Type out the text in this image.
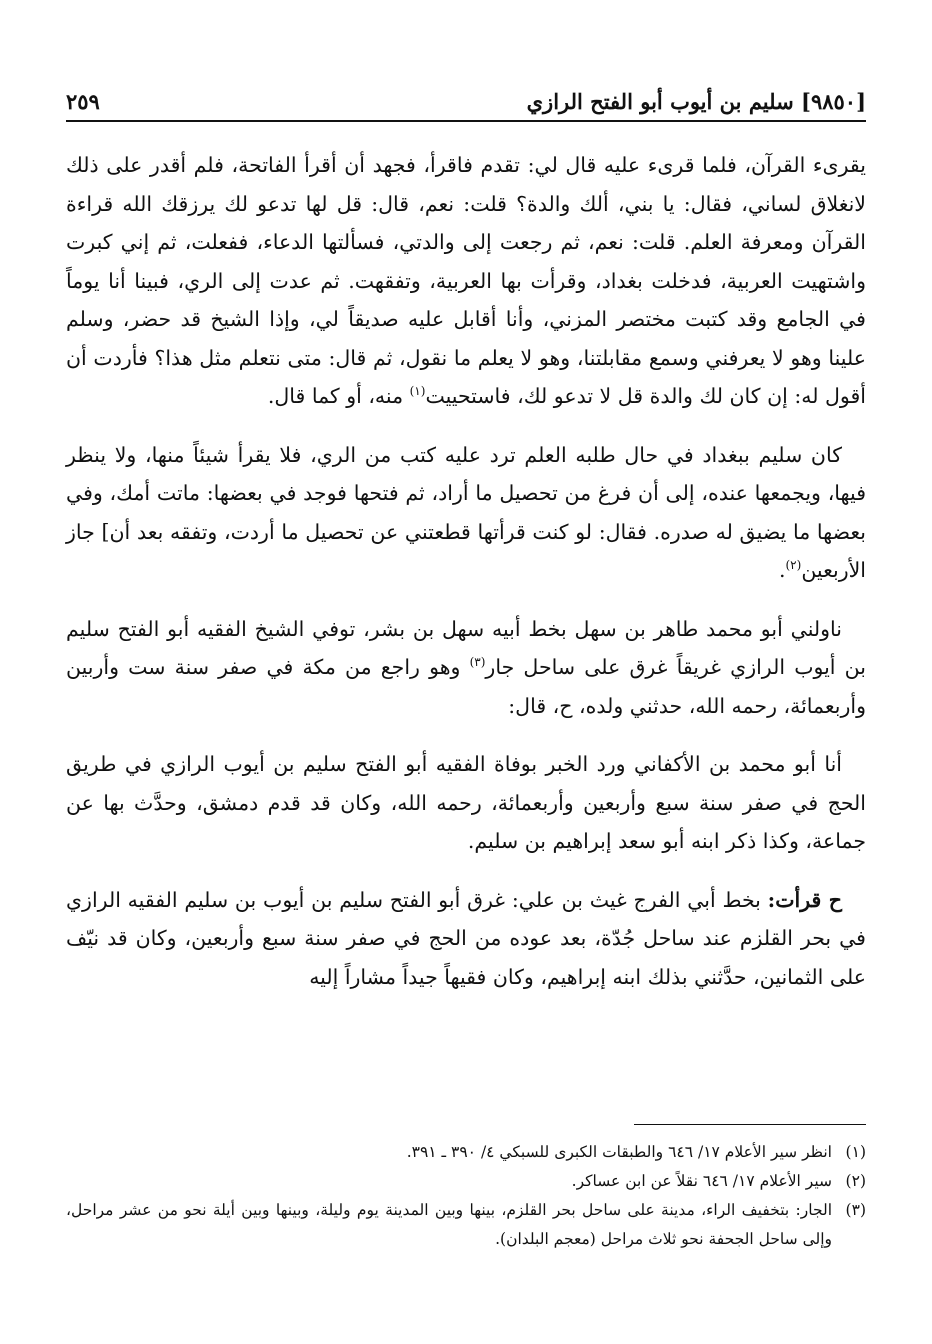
[٩٨٥٠] سليم بن أيوب أبو الفتح الرازي
٢٥٩

يقرىء القرآن، فلما قرىء عليه قال لي: تقدم فاقرأ، فجهد أن أقرأ الفاتحة، فلم أقدر على ذلك لانغلاق لساني، فقال: يا بني، ألك والدة؟ قلت: نعم، قال: قل لها تدعو لك يرزقك الله قراءة القرآن ومعرفة العلم. قلت: نعم، ثم رجعت إلى والدتي، فسألتها الدعاء، ففعلت، ثم إني كبرت واشتهيت العربية، فدخلت بغداد، وقرأت بها العربية، وتفقهت. ثم عدت إلى الري، فبينا أنا يوماً في الجامع وقد كتبت مختصر المزني، وأنا أقابل عليه صديقاً لي، وإذا الشيخ قد حضر، وسلم علينا وهو لا يعرفني وسمع مقابلتنا، وهو لا يعلم ما نقول، ثم قال: متى نتعلم مثل هذا؟ فأردت أن أقول له: إن كان لك والدة قل لا تدعو لك، فاستحييت$^{(١)}$ منه، أو كما قال.

كان سليم ببغداد في حال طلبه العلم ترد عليه كتب من الري، فلا يقرأ شيئاً منها، ولا ينظر فيها، ويجمعها عنده، إلى أن فرغ من تحصيل ما أراد، ثم فتحها فوجد في بعضها: ماتت أمك، وفي بعضها ما يضيق له صدره. فقال: لو كنت قرأتها قطعتني عن تحصيل ما أردت، وتفقه بعد أن] جاز الأربعين$^{(٢)}$.

ناولني أبو محمد طاهر بن سهل بخط أبيه سهل بن بشر، توفي الشيخ الفقيه أبو الفتح سليم بن أيوب الرازي غريقاً غرق على ساحل جار$^{(٣)}$ وهو راجع من مكة في صفر سنة ست وأربين وأربعمائة، رحمه الله، حدثني ولده، ح، قال:

أنا أبو محمد بن الأكفاني ورد الخبر بوفاة الفقيه أبو الفتح سليم بن أيوب الرازي في طريق الحج في صفر سنة سبع وأربعين وأربعمائة، رحمه الله، وكان قد قدم دمشق، وحدَّث بها عن جماعة، وكذا ذكر ابنه أبو سعد إبراهيم بن سليم.

ح قرأت: بخط أبي الفرج غيث بن علي: غرق أبو الفتح سليم بن أيوب بن سليم الفقيه الرازي في بحر القلزم عند ساحل جُدّة، بعد عوده من الحج في صفر سنة سبع وأربعين، وكان قد نيّف على الثمانين، حدَّثني بذلك ابنه إبراهيم، وكان فقيهاً جيداً مشاراً إليه

(١)
انظر سير الأعلام ١٧/ ٦٤٦ والطبقات الكبرى للسبكي ٤/ ٣٩٠ ـ ٣٩١.

(٢)
سير الأعلام ١٧/ ٦٤٦ نقلاً عن ابن عساكر.

(٣)
الجار: بتخفيف الراء، مدينة على ساحل بحر القلزم، بينها وبين المدينة يوم وليلة، وبينها وبين أيلة نحو من عشر مراحل، وإلى ساحل الجحفة نحو ثلاث مراحل (معجم البلدان).
